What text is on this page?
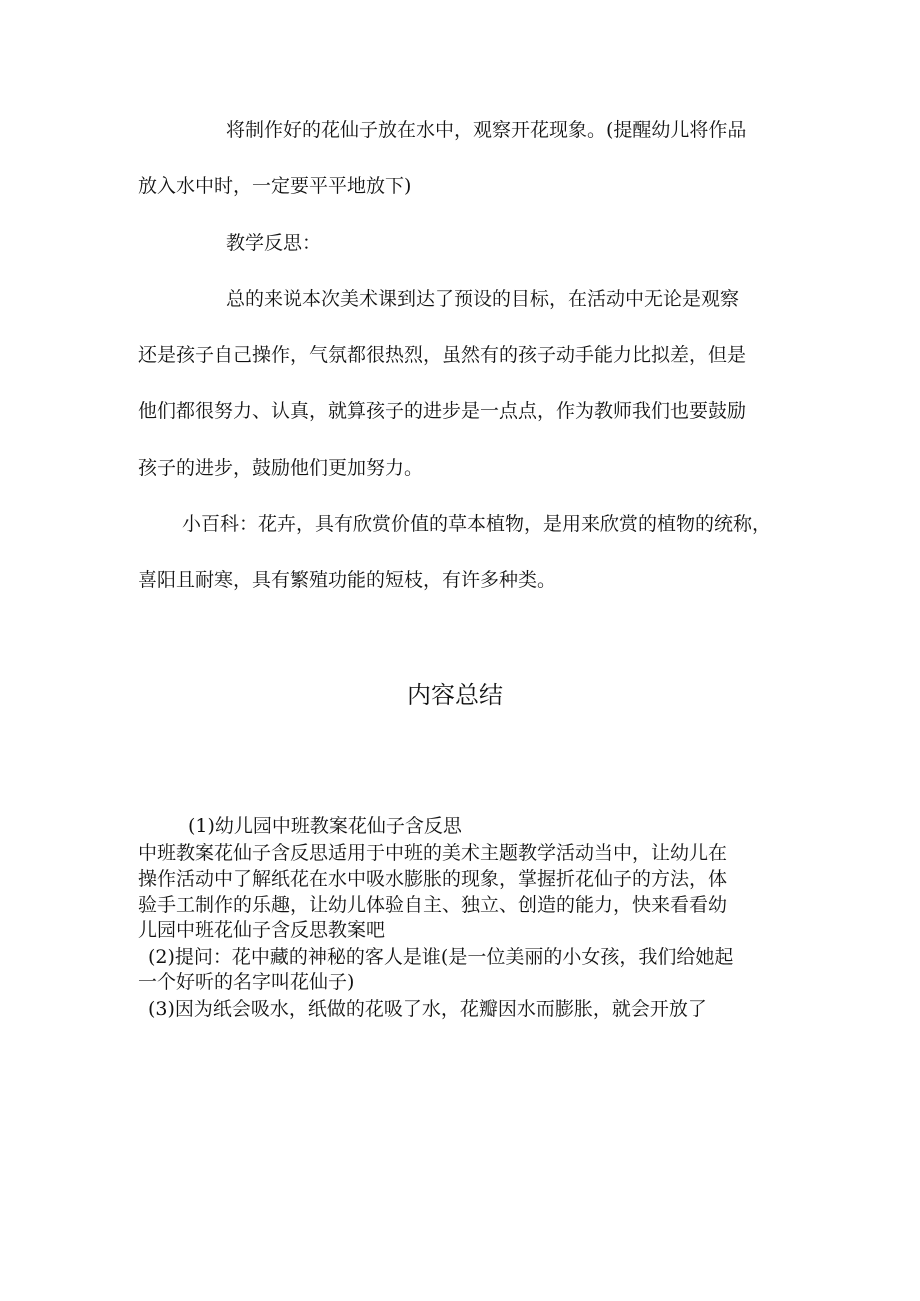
将制作好的花仙子放在水中，观察开花现象。(提醒幼儿将作品

放入水中时，一定要平平地放下)

教学反思：

总的来说本次美术课到达了预设的目标，在活动中无论是观察

还是孩子自己操作，气氛都很热烈，虽然有的孩子动手能力比拟差，但是

他们都很努力、认真，就算孩子的进步是一点点，作为教师我们也要鼓励

孩子的进步，鼓励他们更加努力。

小百科：花卉，具有欣赏价值的草本植物，是用来欣赏的植物的统称，

喜阳且耐寒，具有繁殖功能的短枝，有许多种类。

内容总结

(1)幼儿园中班教案花仙子含反思

中班教案花仙子含反思适用于中班的美术主题教学活动当中，让幼儿在

操作活动中了解纸花在水中吸水膨胀的现象，掌握折花仙子的方法，体

验手工制作的乐趣，让幼儿体验自主、独立、创造的能力，快来看看幼

儿园中班花仙子含反思教案吧

(2)提问：花中藏的神秘的客人是谁(是一位美丽的小女孩，我们给她起

一个好听的名字叫花仙子)

(3)因为纸会吸水，纸做的花吸了水，花瓣因水而膨胀，就会开放了
